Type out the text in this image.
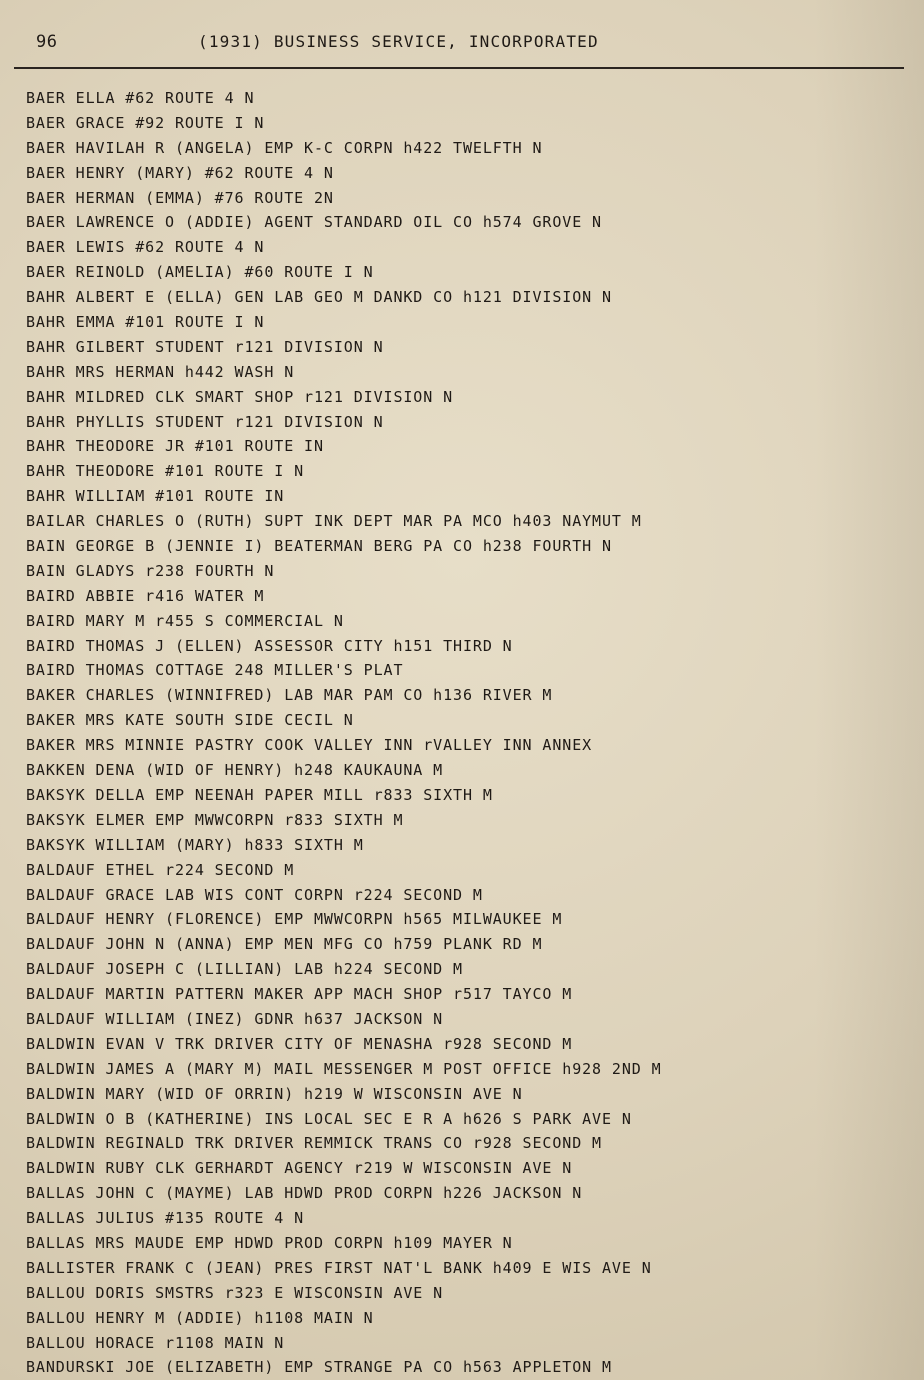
96	(1931) BUSINESS SERVICE, INCORPORATED
BAER ELLA #62 ROUTE 4 N
BAER GRACE #92 ROUTE I N
BAER HAVILAH R (ANGELA) EMP K-C CORPN h422 TWELFTH N
BAER HENRY (MARY) #62 ROUTE 4 N
BAER HERMAN (EMMA) #76 ROUTE 2N
BAER LAWRENCE O (ADDIE) AGENT STANDARD OIL CO h574 GROVE N
BAER LEWIS #62 ROUTE 4 N
BAER REINOLD (AMELIA) #60 ROUTE I N
BAHR ALBERT E (ELLA) GEN LAB GEO M DANKD CO h121 DIVISION N
BAHR EMMA #101 ROUTE I N
BAHR GILBERT STUDENT r121 DIVISION N
BAHR MRS HERMAN h442 WASH N
BAHR MILDRED CLK SMART SHOP r121 DIVISION N
BAHR PHYLLIS STUDENT r121 DIVISION N
BAHR THEODORE JR #101 ROUTE IN
BAHR THEODORE #101 ROUTE I N
BAHR WILLIAM #101 ROUTE IN
BAILAR CHARLES O (RUTH) SUPT INK DEPT MAR PA MCO h403 NAYMUT M
BAIN GEORGE B (JENNIE I) BEATERMAN BERG PA CO h238 FOURTH N
BAIN GLADYS r238 FOURTH N
BAIRD ABBIE r416 WATER M
BAIRD MARY M r455 S COMMERCIAL N
BAIRD THOMAS J (ELLEN) ASSESSOR CITY h151 THIRD N
BAIRD THOMAS COTTAGE 248 MILLER'S PLAT
BAKER CHARLES (WINNIFRED) LAB MAR PAM CO h136 RIVER M
BAKER MRS KATE SOUTH SIDE CECIL N
BAKER MRS MINNIE PASTRY COOK VALLEY INN rVALLEY INN ANNEX
BAKKEN DENA (WID OF HENRY) h248 KAUKAUNA M
BAKSYK DELLA EMP NEENAH PAPER MILL r833 SIXTH M
BAKSYK ELMER EMP MWWCORPN r833 SIXTH M
BAKSYK WILLIAM (MARY) h833 SIXTH M
BALDAUF ETHEL r224 SECOND M
BALDAUF GRACE LAB WIS CONT CORPN r224 SECOND M
BALDAUF HENRY (FLORENCE) EMP MWWCORPN h565 MILWAUKEE M
BALDAUF JOHN N (ANNA) EMP MEN MFG CO h759 PLANK RD M
BALDAUF JOSEPH C (LILLIAN) LAB h224 SECOND M
BALDAUF MARTIN PATTERN MAKER APP MACH SHOP r517 TAYCO M
BALDAUF WILLIAM (INEZ) GDNR h637 JACKSON N
BALDWIN EVAN V TRK DRIVER CITY OF MENASHA r928 SECOND M
BALDWIN JAMES A (MARY M) MAIL MESSENGER M POST OFFICE h928 2ND M
BALDWIN MARY (WID OF ORRIN) h219 W WISCONSIN AVE N
BALDWIN O B (KATHERINE) INS LOCAL SEC E R A h626 S PARK AVE N
BALDWIN REGINALD TRK DRIVER REMMICK TRANS CO r928 SECOND M
BALDWIN RUBY CLK GERHARDT AGENCY r219 W WISCONSIN AVE N
BALLAS JOHN C (MAYME) LAB HDWD PROD CORPN h226 JACKSON N
BALLAS JULIUS #135 ROUTE 4 N
BALLAS MRS MAUDE EMP HDWD PROD CORPN h109 MAYER N
BALLISTER FRANK C (JEAN) PRES FIRST NAT'L BANK h409 E WIS AVE N
BALLOU DORIS SMSTRS r323 E WISCONSIN AVE N
BALLOU HENRY M (ADDIE) h1108 MAIN N
BALLOU HORACE r1108 MAIN N
BANDURSKI JOE (ELIZABETH) EMP STRANGE PA CO h563 APPLETON M
